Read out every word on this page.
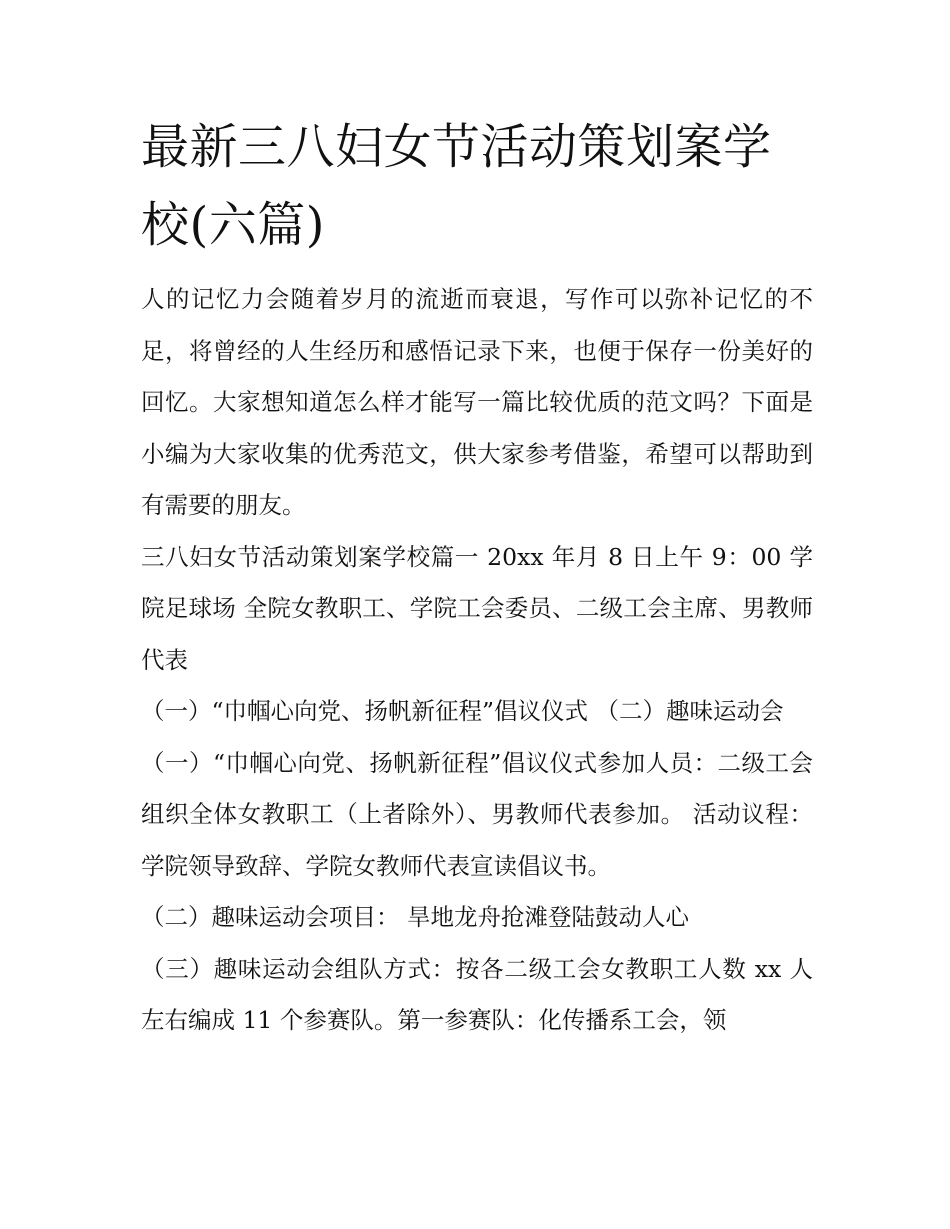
最新三八妇女节活动策划案学校(六篇)

人的记忆力会随着岁月的流逝而衰退，写作可以弥补记忆的不足，将曾经的人生经历和感悟记录下来，也便于保存一份美好的回忆。大家想知道怎么样才能写一篇比较优质的范文吗？下面是小编为大家收集的优秀范文，供大家参考借鉴，希望可以帮助到有需要的朋友。

三八妇女节活动策划案学校篇一 20xx 年月 8 日上午 9：00 学院足球场 全院女教职工、学院工会委员、二级工会主席、男教师代表

（一）“巾帼心向党、扬帆新征程”倡议仪式 （二）趣味运动会

（一）“巾帼心向党、扬帆新征程”倡议仪式参加人员：二级工会组织全体女教职工（上者除外）、男教师代表参加。 活动议程：学院领导致辞、学院女教师代表宣读倡议书。

（二）趣味运动会项目： 旱地龙舟抢滩登陆鼓动人心

（三）趣味运动会组队方式：按各二级工会女教职工人数 xx 人左右编成 11 个参赛队。第一参赛队：化传播系工会，领
